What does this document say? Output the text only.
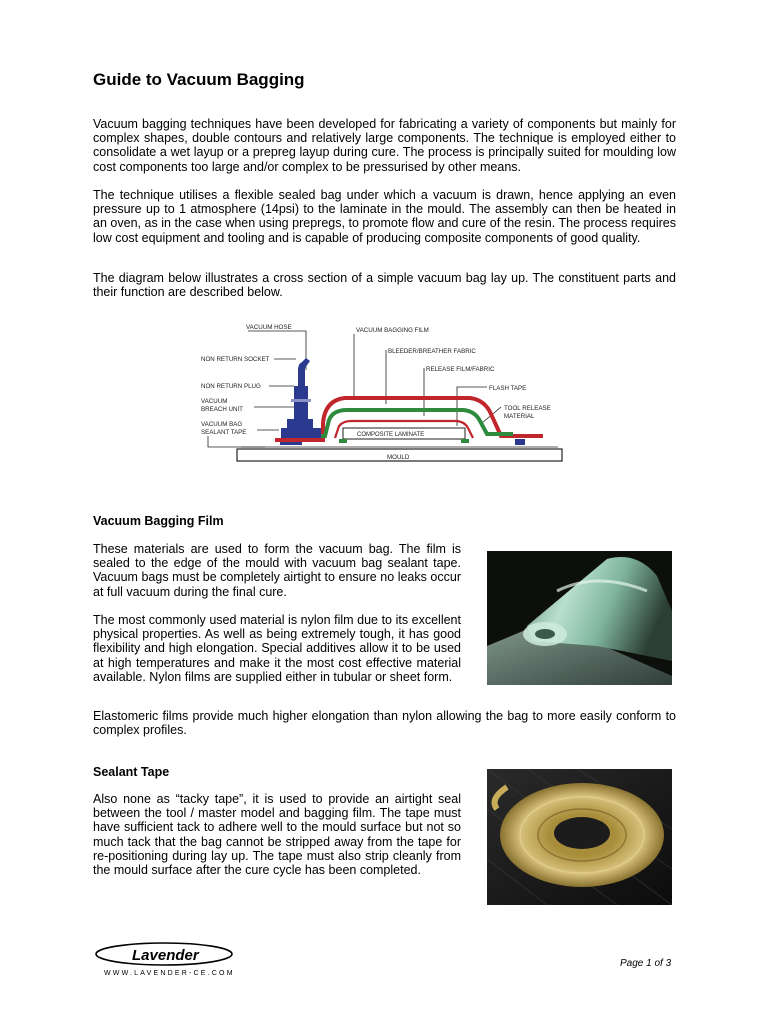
Guide to Vacuum Bagging

Vacuum bagging techniques have been developed for fabricating a variety of components but mainly for complex shapes, double contours and relatively large components. The technique is employed either to consolidate a wet layup or a prepreg layup during cure. The process is principally suited for moulding low cost components too large and/or complex to be pressurised by other means.

The technique utilises a flexible sealed bag under which a vacuum is drawn, hence applying an even pressure up to 1 atmosphere (14psi) to the laminate in the mould. The assembly can then be heated in an oven, as in the case when using prepregs, to promote flow and cure of the resin. The process requires low cost equipment and tooling and is capable of producing composite components of good quality.

The diagram below illustrates a cross section of a simple vacuum bag lay up. The constituent parts and their function are described below.

VACUUM HOSE
NON RETURN SOCKET
NON RETURN PLUG
VACUUM
BREACH UNIT
VACUUM BAG
SEALANT TAPE
VACUUM BAGGING FILM
BLEEDER/BREATHER FABRIC
RELEASE FILM/FABRIC
FLASH TAPE
TOOL RELEASE
MATERIAL
MOULD
COMPOSITE LAMINATE
Vacuum Bagging Film

These materials are used to form the vacuum bag. The film is sealed to the edge of the mould with vacuum bag sealant tape. Vacuum bags must be completely airtight to ensure no leaks occur at full vacuum during the final cure.

The most commonly used material is nylon film due to its excellent physical properties. As well as being extremely tough, it has good flexibility and high elongation. Special additives allow it to be used at high temperatures and make it the most cost effective material available. Nylon films are supplied either in tubular or sheet form.

Elastomeric films provide much higher elongation than nylon allowing the bag to more easily conform to complex profiles.

Sealant Tape

Also none as “tacky tape”, it is used to provide an airtight seal between the tool / master model and bagging film. The tape must have sufficient tack to adhere well to the mould surface but not so much tack that the bag cannot be stripped away from the tape for re-positioning during lay up. The tape must also strip cleanly from the mould surface after the cure cycle has been completed.

Lavender
WWW.LAVENDER-CE.COM
Page 1 of 3
